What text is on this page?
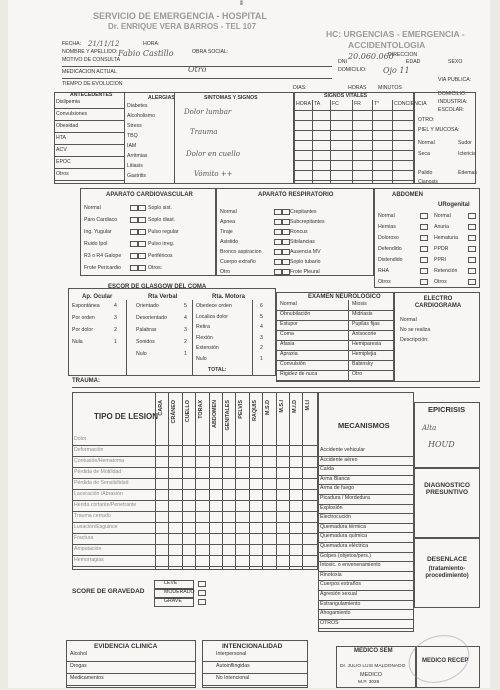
ʬ
SERVICIO DE EMERGENCIA - HOSPITAL
Dr. ENRIQUE VERA BARROS - TEL 107
FECHA:	HORA:
NOMBRE Y APELLIDO:	OBRA SOCIAL:
MOTIVO DE CONSULTA
MEDICACION ACTUAL
TIEMPO DE EVOLUCION
21/11/12
Fabio Castillo
Otro
HC: URGENCIAS - EMERGENCIA -
ACCIDENTOLOGIA
DIRECCION
DNI	EDAD	SEXO
DOMICILIO:
20.060.060
Ojo 11
VIA PUBLICA:
DOMICILIO:
INDUSTRIA:
ESCOLAR:
DIAS:	HORAS MINUTOS
ANTECEDENTES	ALERGIAS	SINTOMAS Y SIGNOS
Dolor lumbar
Trauma
Dolor en cuello
Vómito ++
SIGNOS VITALES
OTRO:
PIEL Y MUCOSA:
APARATO CARDIOVASCULAR	APARATO RESPIRATORIO	ABDOMEN
URogenital
ESCOR DE GLASGOW DEL COMA
Ap. Ocular	Rta Verbal	Rta. Motora
TOTAL:
EXAMEN NEUROLOGICO	ELECTRO CARDIOGRAMA
TRAUMA:
TIPO DE LESION
MECANISMOS
EPICRISIS
Alta
HOUD
DIAGNOSTICO PRESUNTIVO
DESENLACE
(tratamiento-procedimiento)
SCORE DE GRAVEDAD
EVIDENCIA CLINICA	INTENCIONALIDAD
MEDICO SEM
Dr. JULIO LUIS MALDONADO
MEDICO
M.P. 3038
MEDICO RECEP
Dislipemia
Convulsiones
Obesidad
HTA
ACV
EPOC
Otros
Diabetes
Alcoholismo
Stress
TBQ
IAM
Arritmias
Litiasis
Gastritis
HORA TA FC	FR	T°	CONCIENCIA
Normal	Sudor
Seca	Ictericia
Palido	Edemas
Cianosis
Normal
Paro Cardiaco
Ing. Yugular
Ruido Ipol
R3 o R4 Galope
Frote Pericardio
Soplo sist.
Soplo diast.
Pulso regular
Pulso irreg.
Periféricos
Otros:
Normal
Apnea
Tiraje
Asistido
Bronco aspiracion
Cuerpo extraño
Otro
Crepitantes
Subcrepitantes
Roncus
Sibilancias
Ausencia MV
Soplo tubario
Frote Pleural
Normal
Hernias
Doloroso
Defendido
Distendido
RHA
Otros
Normal
Anuria
Hematuria
PPDR
PPRI
Retención
Otros
Espontánea	4
Por orden	3
Por dolor	2
Nula	1
Orientado	5
Desorientado	4
Palabras	3
Sonidos	2
Nulo	1
Obedece orden	6
Localiza dolor	5
Retira	4
Flexión	3
Extensión	2
Nulo	1
Normal
Obnubilación
Estupor
Coma
Afasia
Apraxia
Convulsión
Rigidez de nuca
Miosis
Midriasis
Pupilas fijas
Anisocorie
Hemiparesia
Hemiplejia
Babinsky
Otro
Normal
No se realiza
Descripción:
CARA CRÁNEO CUELLO TORAX ABDOMEN GENITALES PELVIS RAQUIS M.S.D M.S.I M.I.D M.I.I
Dolor
Deformación
Contusión/Hematoma
Pérdida de Motilidad
Pérdida de Sensibilidad
Laceración /Abrasión
Herida cortante/Penetrante
Trauma cerrado
Luxación/Esguince
Fractura
Amputación
Hemorragias
Accidente vehicular
Accidente aéreo
Caída
Arma Blanca
Arma de fuego
Picadura / Mordedura
Explosión
Electrocución
Quemadura térmica
Quemadura química
Quemadura eléctrica
Golpes (objetos/pers.)
Intoxic. o envenenamiento
Rinotoxia
Cuerpos extraños
Agresión sexual
Estrangulamiento
Ahogamiento
OTROS
LEVE
MODERADO
GRAVE
Alcohol
Drogas
Medicamentos
Interpersonal
Autoinflingidas
No Intencional
